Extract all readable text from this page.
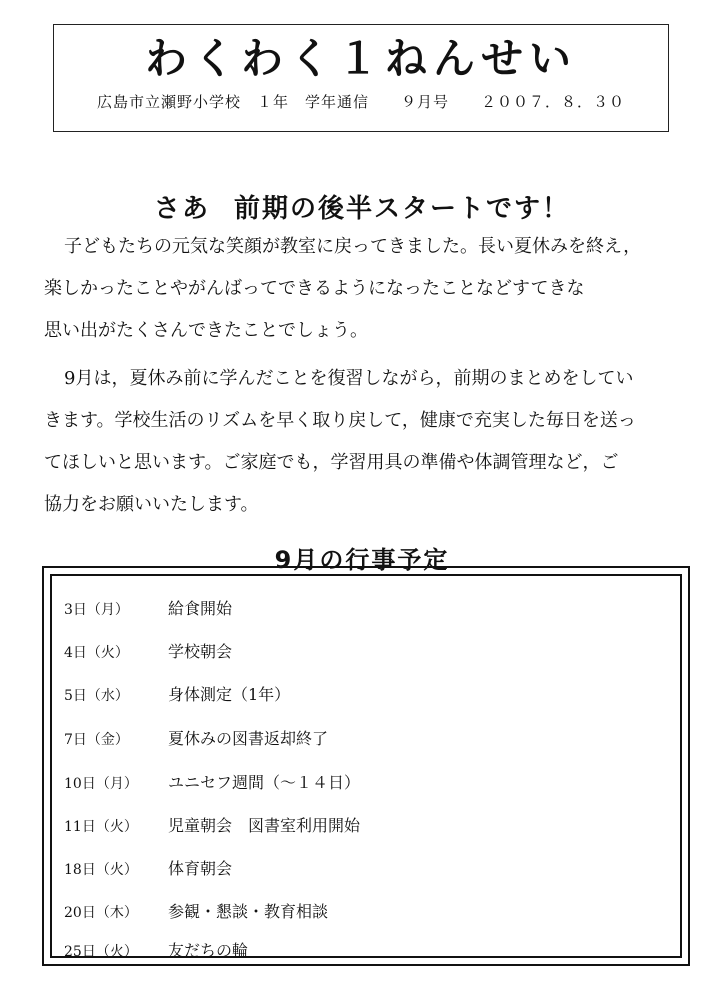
わくわく１ねんせい
広島市立瀬野小学校　１年　学年通信　　９月号　　２００７．８．３０
さあ 前期の後半スタートです！
子どもたちの元気な笑顔が教室に戻ってきました。長い夏休みを終え，
楽しかったことやがんばってできるようになったことなどすてきな
思い出がたくさんできたことでしょう。
9月は，夏休み前に学んだことを復習しながら，前期のまとめをしてい
きます。学校生活のリズムを早く取り戻して，健康で充実した毎日を送っ
てほしいと思います。ご家庭でも，学習用具の準備や体調管理など，ご
協力をお願いいたします。
9月の行事予定
3日（月） 給食開始
4日（火） 学校朝会
5日（水） 身体測定（1年）
7日（金） 夏休みの図書返却終了
10日（月） ユニセフ週間（～１４日）
11日（火） 児童朝会　図書室利用開始
18日（火） 体育朝会
20日（木） 参観・懇談・教育相談
25日（火） 友だちの輪
